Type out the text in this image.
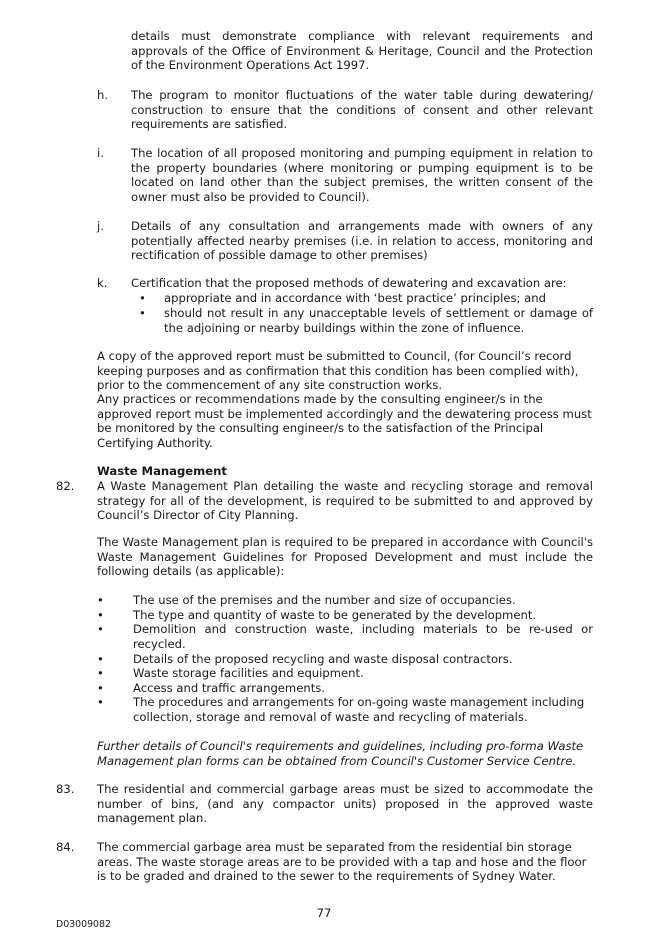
details must demonstrate compliance with relevant requirements and approvals of the Office of Environment & Heritage, Council and the Protection of the Environment Operations Act 1997.

h. The program to monitor fluctuations of the water table during dewatering/ construction to ensure that the conditions of consent and other relevant requirements are satisfied.

i. The location of all proposed monitoring and pumping equipment in relation to the property boundaries (where monitoring or pumping equipment is to be located on land other than the subject premises, the written consent of the owner must also be provided to Council).

j. Details of any consultation and arrangements made with owners of any potentially affected nearby premises (i.e. in relation to access, monitoring and rectification of possible damage to other premises)

k. Certification that the proposed methods of dewatering and excavation are:

• appropriate and in accordance with ‘best practice’ principles; and

• should not result in any unacceptable levels of settlement or damage of the adjoining or nearby buildings within the zone of influence.

A copy of the approved report must be submitted to Council, (for Council’s record keeping purposes and as confirmation that this condition has been complied with), prior to the commencement of any site construction works.

Any practices or recommendations made by the consulting engineer/s in the approved report must be implemented accordingly and the dewatering process must be monitored by the consulting engineer/s to the satisfaction of the Principal Certifying Authority.

Waste Management

82. A Waste Management Plan detailing the waste and recycling storage and removal strategy for all of the development, is required to be submitted to and approved by Council’s Director of City Planning.

The Waste Management plan is required to be prepared in accordance with Council's Waste Management Guidelines for Proposed Development and must include the following details (as applicable):

•	The use of the premises and the number and size of occupancies.

•	The type and quantity of waste to be generated by the development.

•	Demolition and construction waste, including materials to be re-used or recycled.

•	Details of the proposed recycling and waste disposal contractors.

•	Waste storage facilities and equipment.

•	Access and traffic arrangements.

•	The procedures and arrangements for on-going waste management including collection, storage and removal of waste and recycling of materials.

Further details of Council's requirements and guidelines, including pro-forma Waste Management plan forms can be obtained from Council's Customer Service Centre.

83. The residential and commercial garbage areas must be sized to accommodate the number of bins, (and any compactor units) proposed in the approved waste management plan.

84. The commercial garbage area must be separated from the residential bin storage areas. The waste storage areas are to be provided with a tap and hose and the floor is to be graded and drained to the sewer to the requirements of Sydney Water.

77

D03009082
